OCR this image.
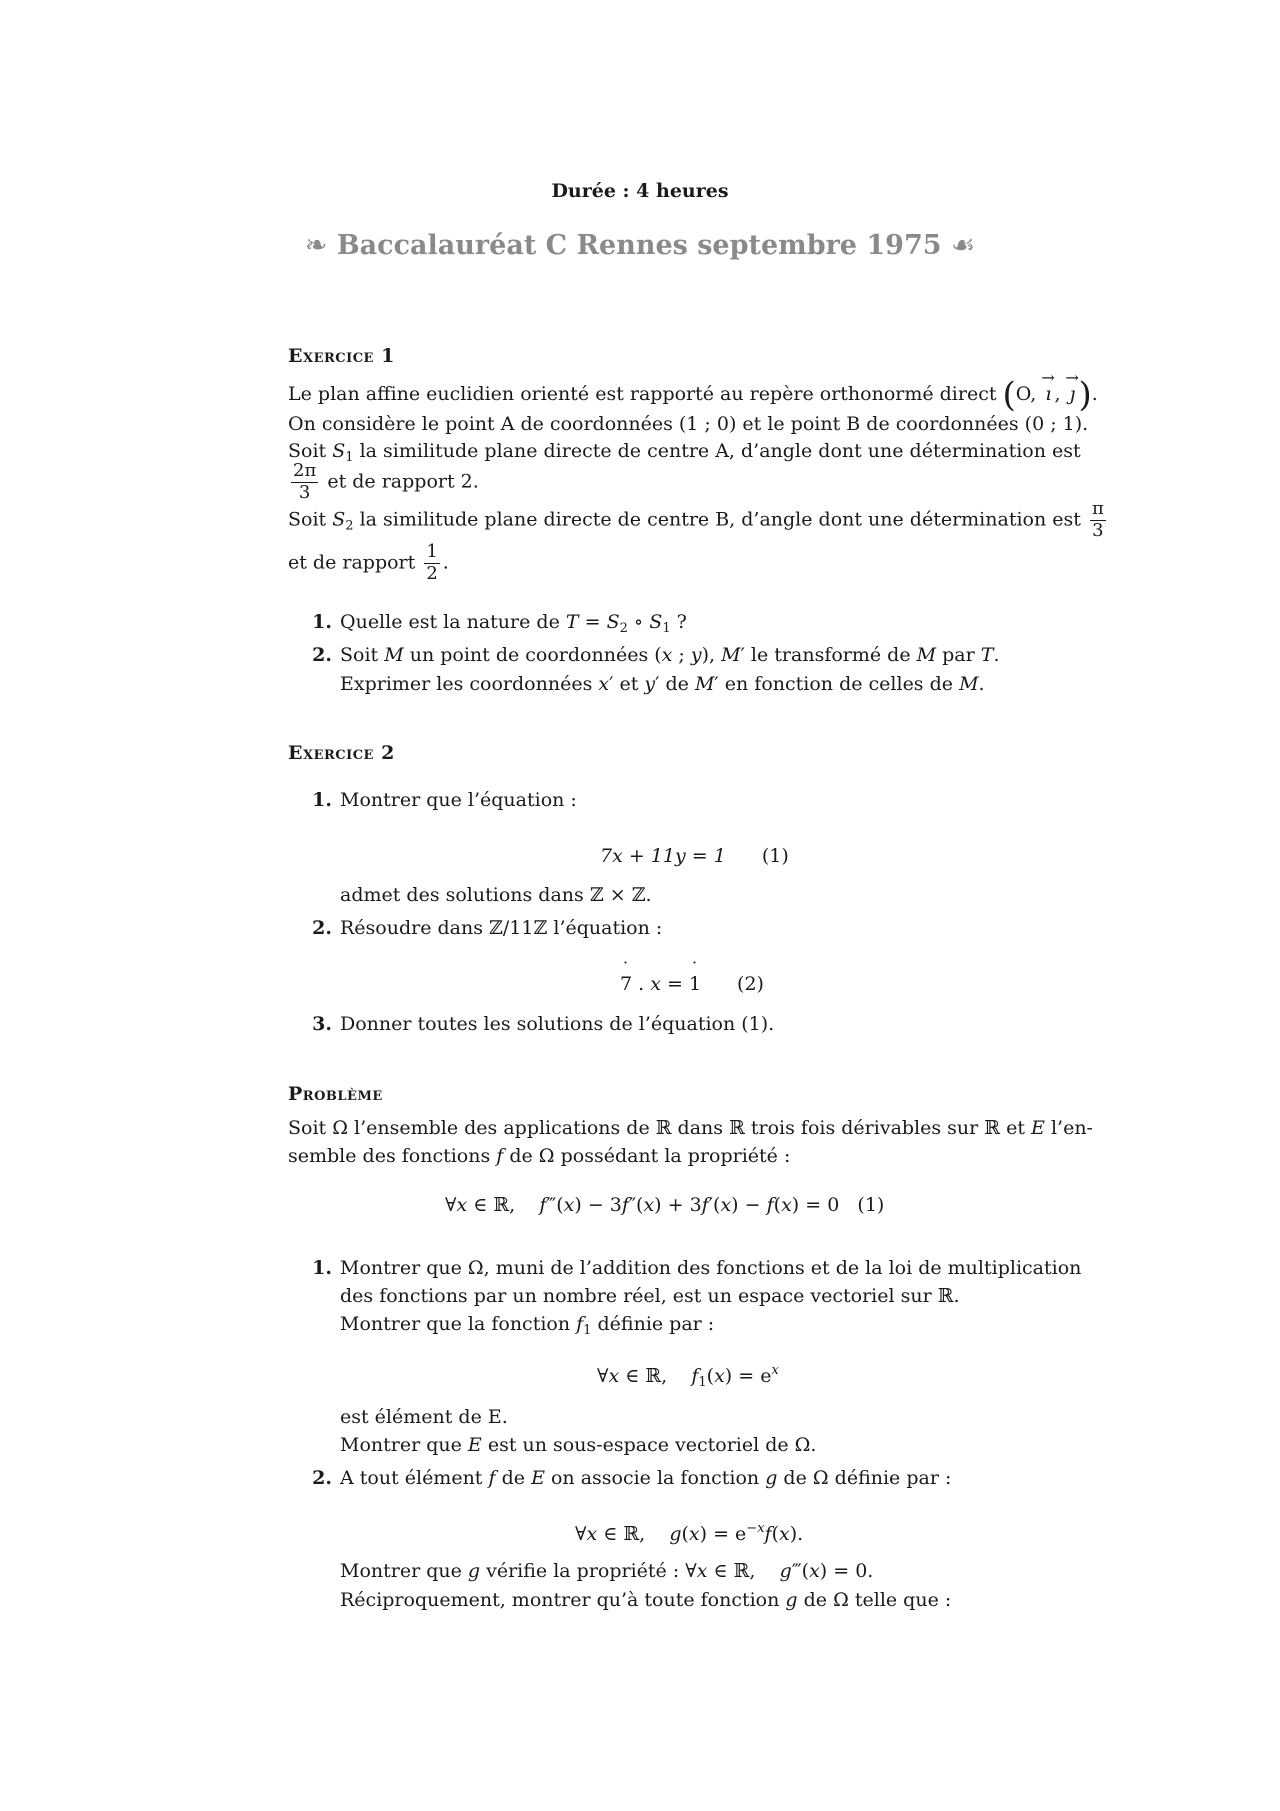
Durée : 4 heures
❧ Baccalauréat C Rennes septembre 1975 ☙
Exercice 1
Le plan affine euclidien orienté est rapporté au repère orthonormé direct (O, → ı , → ȷ).
On considère le point A de coordonnées (1 ; 0) et le point B de coordonnées (0 ; 1).
Soit $S_1$ la similitude plane directe de centre A, d’angle dont une détermination est
$\frac{2\pi}{3}$ et de rapport 2.
Soit $S_2$ la similitude plane directe de centre B, d’angle dont une détermination est $\frac{\pi}{3}$
et de rapport $\frac{1}{2}$ .
1. Quelle est la nature de $T = S_2$ ∘ $S_1$ ?
2. Soit M un point de coordonnées (x ; y), M′ le transformé de M par T.
Exprimer les coordonnées x′ et y′ de M′ en fonction de celles de M.
Exercice 2
1. Montrer que l’équation :
7x + 11y = 1 (1)
admet des solutions dans ℤ × ℤ.
2. Résoudre dans ℤ/11ℤ l’équation :
˙ 7 . x = ˙ 1 (2)
3. Donner toutes les solutions de l’équation (1).
Problème
Soit Ω l’ensemble des applications de ℝ dans ℝ trois fois dérivables sur ℝ et E l’en-
semble des fonctions f de Ω possédant la propriété :
∀x ∈ ℝ,    f‴(x) − 3f″(x) + 3f′(x) − f(x) = 0   (1)
1. Montrer que Ω, muni de l’addition des fonctions et de la loi de multiplication
des fonctions par un nombre réel, est un espace vectoriel sur ℝ.
Montrer que la fonction $f_1$ définie par :
∀x ∈ ℝ,    $f_1(x) = e^x$
est élément de E.
Montrer que E est un sous-espace vectoriel de Ω.
2. A tout élément f de E on associe la fonction g de Ω définie par :
∀x ∈ ℝ,    $g(x) = e^{-x}f(x)$.
Montrer que g vérifie la propriété : ∀x ∈ ℝ,    g‴(x) = 0.
Réciproquement, montrer qu’à toute fonction g de Ω telle que :
